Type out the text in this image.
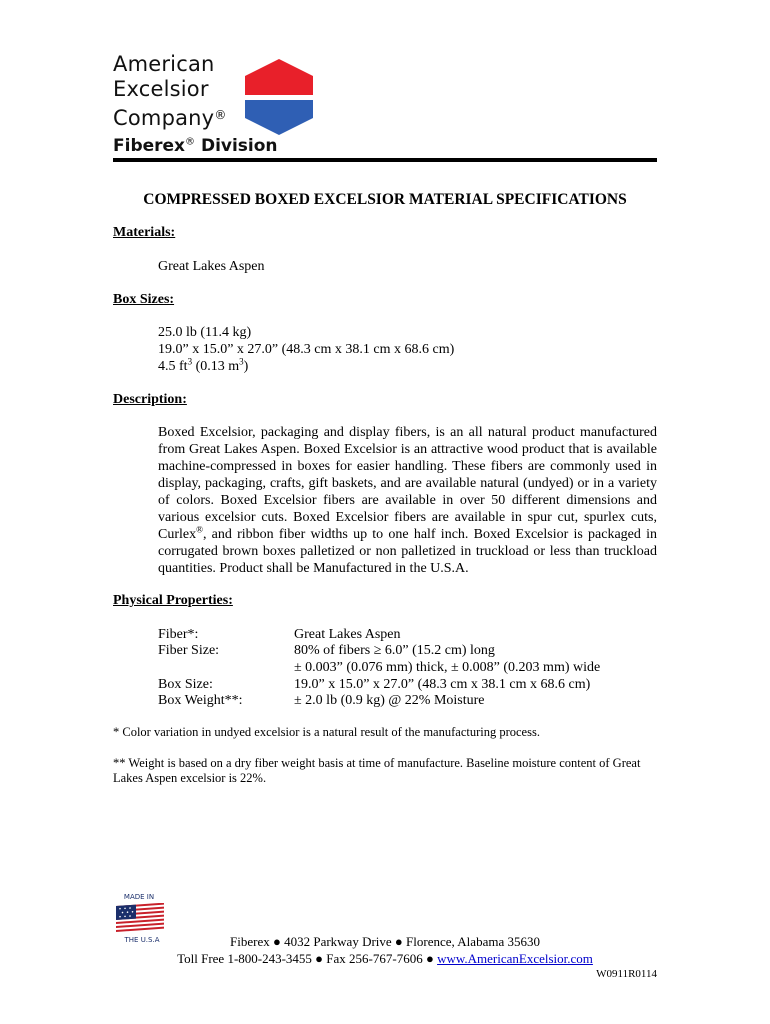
American
Excelsior
Company®
Fiberex® Division
COMPRESSED BOXED EXCELSIOR MATERIAL SPECIFICATIONS
Materials:
Great Lakes Aspen
Box Sizes:
25.0 lb (11.4 kg)
19.0” x 15.0” x 27.0” (48.3 cm x 38.1 cm x 68.6 cm)
4.5 $ft^3$ (0.13 $m^3$)
Description:
Boxed Excelsior, packaging and display fibers, is an all natural product manufactured from Great Lakes Aspen. Boxed Excelsior is an attractive wood product that is available machine-compressed in boxes for easier handling. These fibers are commonly used in display, packaging, crafts, gift baskets, and are available natural (undyed) or in a variety of colors. Boxed Excelsior fibers are available in over 50 different dimensions and various excelsior cuts. Boxed Excelsior fibers are available in spur cut, spurlex cuts, Curlex®, and ribbon fiber widths up to one half inch. Boxed Excelsior is packaged in corrugated brown boxes palletized or non palletized in truckload or less than truckload quantities. Product shall be Manufactured in the U.S.A.
Physical Properties:
Fiber*:	Great Lakes Aspen
Fiber Size:	80% of fibers ≥ 6.0” (15.2 cm) long
± 0.003” (0.076 mm) thick, ± 0.008” (0.203 mm) wide
Box Size:	19.0” x 15.0” x 27.0” (48.3 cm x 38.1 cm x 68.6 cm)
Box Weight**:	± 2.0 lb (0.9 kg) @ 22% Moisture
* Color variation in undyed excelsior is a natural result of the manufacturing process.
** Weight is based on a dry fiber weight basis at time of manufacture. Baseline moisture content of Great Lakes Aspen excelsior is 22%.
MADE IN
THE U.S.A	Fiberex ● 4032 Parkway Drive ● Florence, Alabama 35630
Toll Free 1-800-243-3455 ● Fax 256-767-7606 ● www.AmericanExcelsior.com
W0911R0114
